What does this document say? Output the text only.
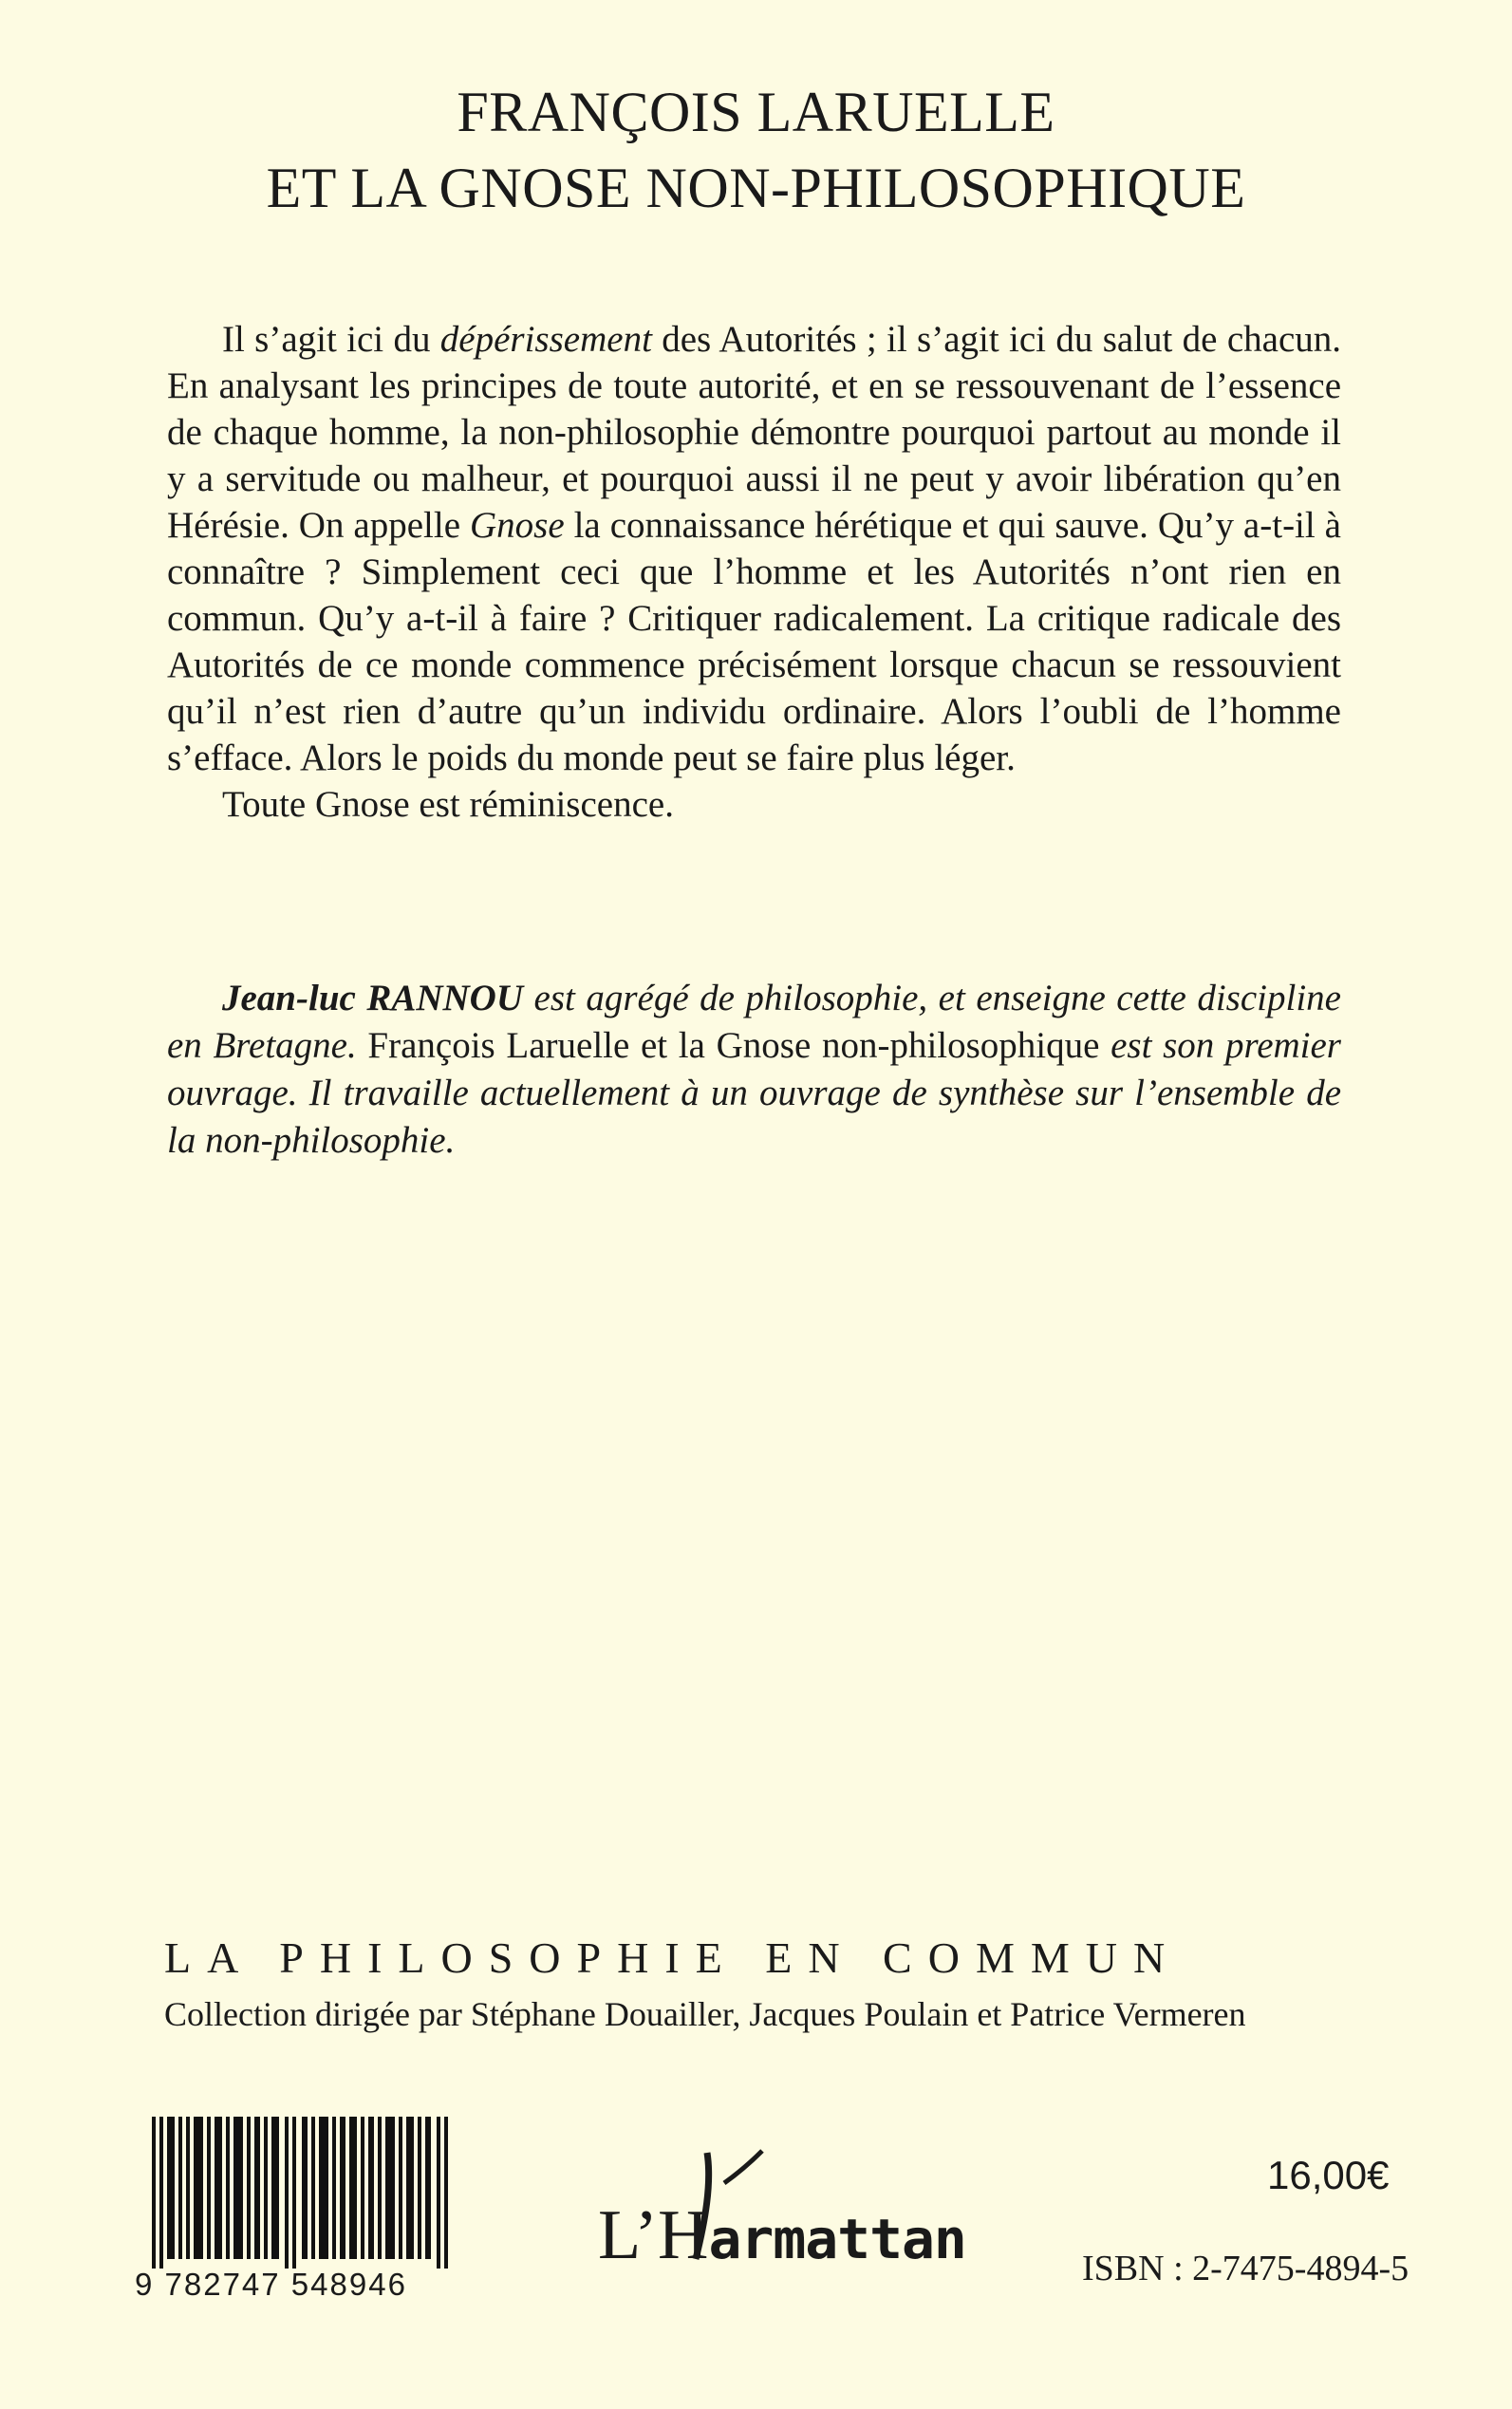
FRANÇOIS LARUELLE
ET LA GNOSE NON-PHILOSOPHIQUE

Il s’agit ici du dépérissement des Autorités ; il s’agit ici du salut de chacun. En analysant les principes de toute autorité, et en se ressouvenant de l’essence de chaque homme, la non-philosophie démontre pourquoi partout au monde il y a servitude ou malheur, et pourquoi aussi il ne peut y avoir libération qu’en Hérésie. On appelle Gnose la connaissance hérétique et qui sauve. Qu’y a-t-il à connaître ? Simplement ceci que l’homme et les Autorités n’ont rien en commun. Qu’y a-t-il à faire ? Critiquer radicalement. La critique radicale des Autorités de ce monde commence précisément lorsque chacun se ressouvient qu’il n’est rien d’autre qu’un individu ordinaire. Alors l’oubli de l’homme s’efface. Alors le poids du monde peut se faire plus léger.

Toute Gnose est réminiscence.

Jean-luc RANNOU est agrégé de philosophie, et enseigne cette discipline en Bretagne. François Laruelle et la Gnose non-philosophique est son premier ouvrage. Il travaille actuellement à un ouvrage de synthèse sur l’ensemble de la non-philosophie.

LA PHILOSOPHIE EN COMMUN
Collection dirigée par Stéphane Douailler, Jacques Poulain et Patrice Vermeren
9 782747 548946
L’Harmattan
16,00€
ISBN : 2-7475-4894-5
